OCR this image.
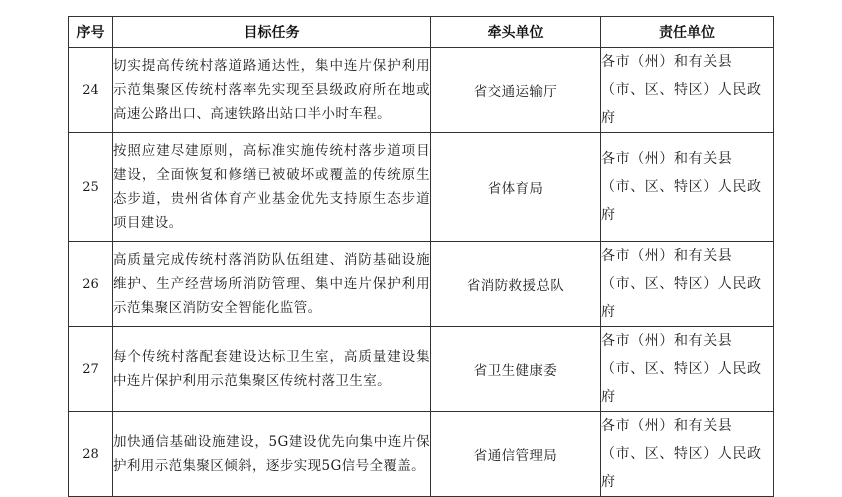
序号	目标任务	牵头单位	责任单位
24	切实提高传统村落道路通达性，集中连片保护利用示范集聚区传统村落率先实现至县级政府所在地或高速公路出口、高速铁路出站口半小时车程。	省交通运输厅	各市（州）和有关县（市、区、特区）人民政府
25	按照应建尽建原则，高标准实施传统村落步道项目建设，全面恢复和修缮已被破坏或覆盖的传统原生态步道，贵州省体育产业基金优先支持原生态步道项目建设。	省体育局	各市（州）和有关县（市、区、特区）人民政府
26	高质量完成传统村落消防队伍组建、消防基础设施维护、生产经营场所消防管理、集中连片保护利用示范集聚区消防安全智能化监管。	省消防救援总队	各市（州）和有关县（市、区、特区）人民政府
27	每个传统村落配套建设达标卫生室，高质量建设集中连片保护利用示范集聚区传统村落卫生室。	省卫生健康委	各市（州）和有关县（市、区、特区）人民政府
28	加快通信基础设施建设，5G建设优先向集中连片保护利用示范集聚区倾斜，逐步实现5G信号全覆盖。	省通信管理局	各市（州）和有关县（市、区、特区）人民政府
